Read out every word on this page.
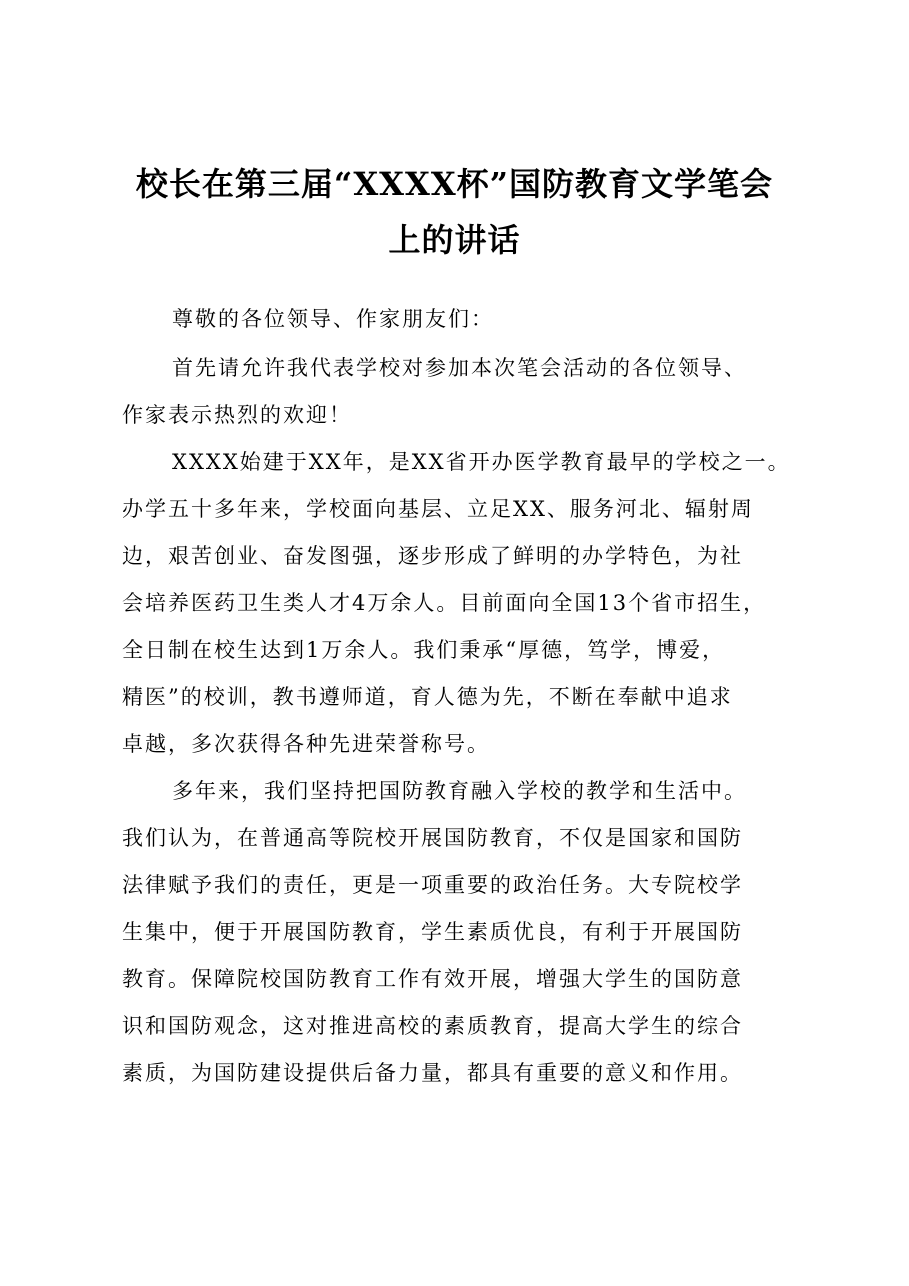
校长在第三届“XXXX杯”国防教育文学笔会
上的讲话
尊敬的各位领导、作家朋友们：
首先请允许我代表学校对参加本次笔会活动的各位领导、
作家表示热烈的欢迎！
XXXX始建于XX年，是XX省开办医学教育最早的学校之一。
办学五十多年来，学校面向基层、立足XX、服务河北、辐射周
边，艰苦创业、奋发图强，逐步形成了鲜明的办学特色，为社
会培养医药卫生类人才4万余人。目前面向全国13个省市招生，
全日制在校生达到1万余人。我们秉承“厚德，笃学，博爱，
精医”的校训，教书遵师道，育人德为先，不断在奉献中追求
卓越，多次获得各种先进荣誉称号。
多年来，我们坚持把国防教育融入学校的教学和生活中。
我们认为，在普通高等院校开展国防教育，不仅是国家和国防
法律赋予我们的责任，更是一项重要的政治任务。大专院校学
生集中，便于开展国防教育，学生素质优良，有利于开展国防
教育。保障院校国防教育工作有效开展，增强大学生的国防意
识和国防观念，这对推进高校的素质教育，提高大学生的综合
素质，为国防建设提供后备力量，都具有重要的意义和作用。
